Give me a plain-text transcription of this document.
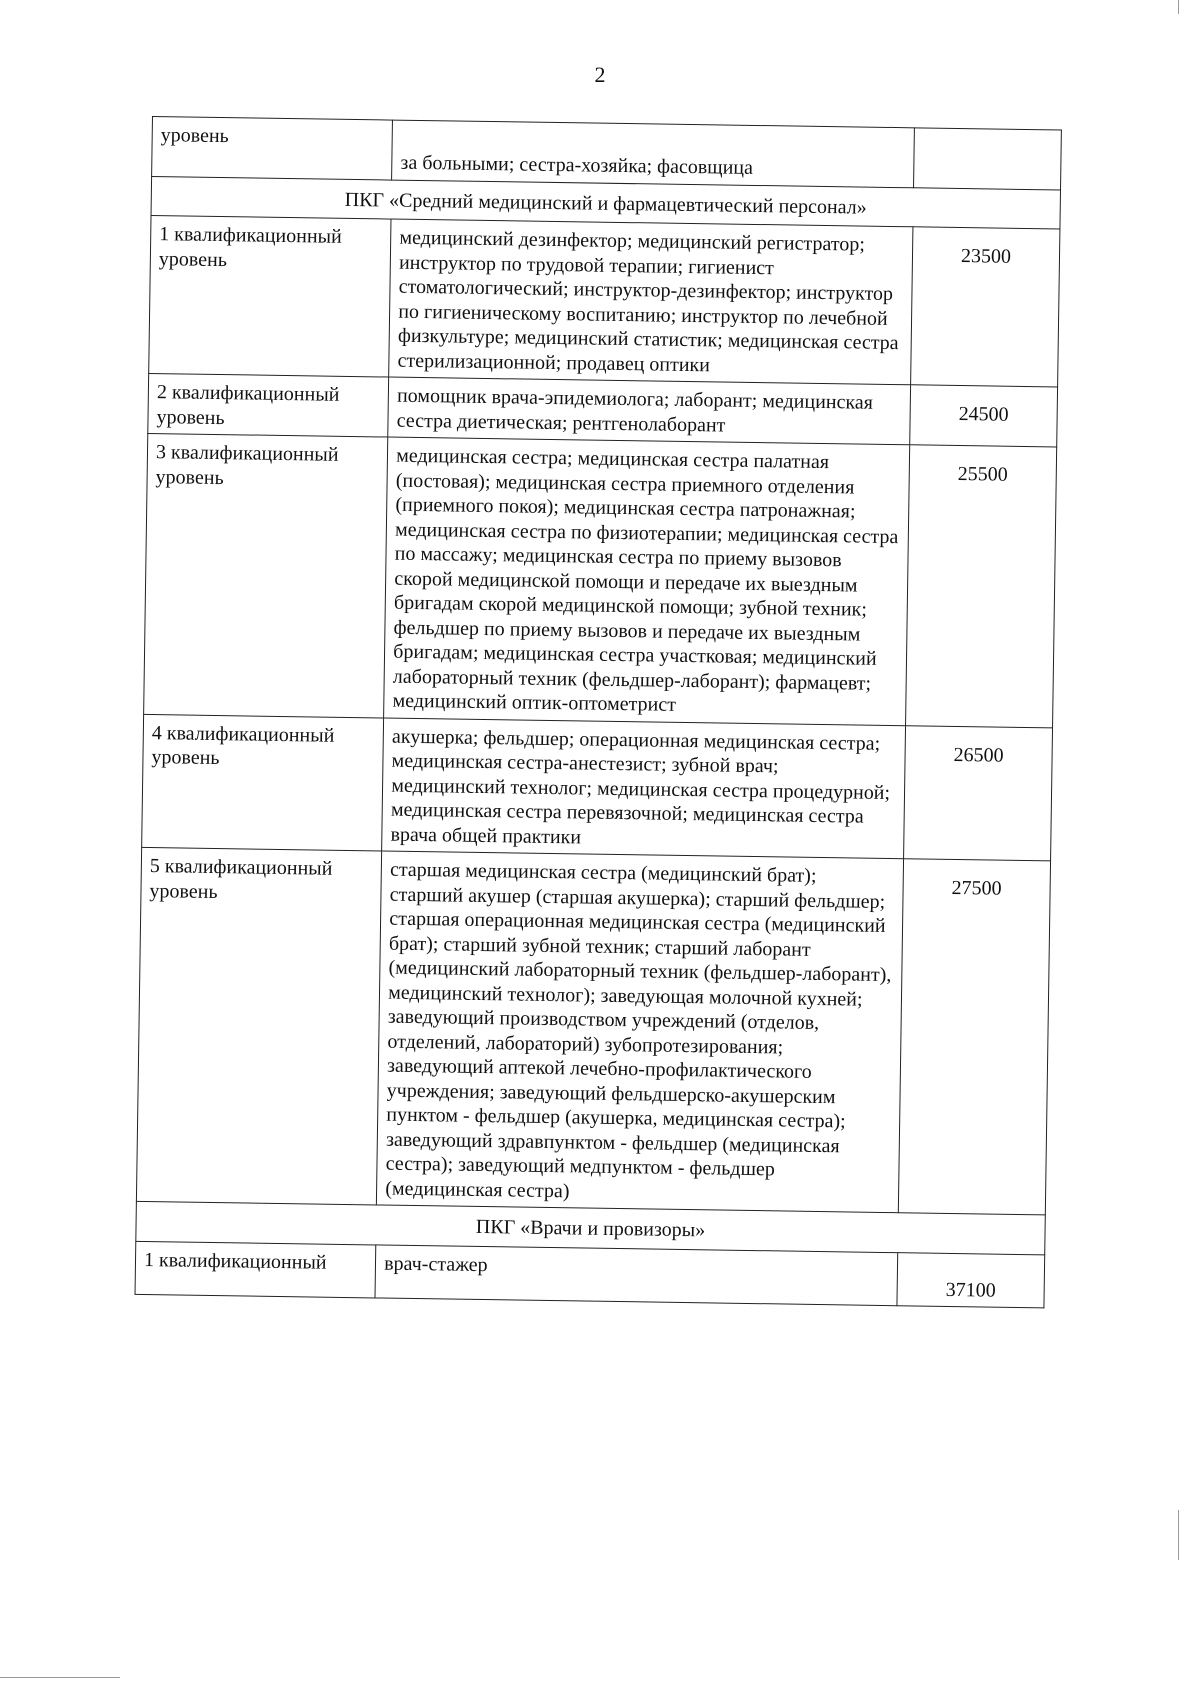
2
уровень	за больными; сестра-хозяйка; фасовщица	
ПКГ «Средний медицинский и фармацевтический персонал»		
1 квалификационный уровень	медицинский дезинфектор; медицинский регистратор; инструктор по трудовой терапии; гигиенист стоматологический; инструктор-дезинфектор; инструктор по гигиеническому воспитанию; инструктор по лечебной физкультуре; медицинский статистик; медицинская сестра стерилизационной; продавец оптики	23500
2 квалификационный уровень	помощник врача-эпидемиолога; лаборант; медицинская сестра диетическая; рентгенолаборант	24500
3 квалификационный уровень	медицинская сестра; медицинская сестра палатная (постовая); медицинская сестра приемного отделения (приемного покоя); медицинская сестра патронажная; медицинская сестра по физиотерапии; медицинская сестра по массажу; медицинская сестра по приему вызовов скорой медицинской помощи и передаче их выездным бригадам скорой медицинской помощи; зубной техник; фельдшер по приему вызовов и передаче их выездным бригадам; медицинская сестра участковая; медицинский лабораторный техник (фельдшер-лаборант); фармацевт; медицинский оптик-оптометрист	25500
4 квалификационный уровень	акушерка; фельдшер; операционная медицинская сестра; медицинская сестра-анестезист; зубной врач; медицинский технолог; медицинская сестра процедурной; медицинская сестра перевязочной; медицинская сестра врача общей практики	26500
5 квалификационный уровень	старшая медицинская сестра (медицинский брат); старший акушер (старшая акушерка); старший фельдшер; старшая операционная медицинская сестра (медицинский брат); старший зубной техник; старший лаборант (медицинский лабораторный техник (фельдшер-лаборант), медицинский технолог); заведующая молочной кухней; заведующий производством учреждений (отделов, отделений, лабораторий) зубопротезирования; заведующий аптекой лечебно-профилактического учреждения; заведующий фельдшерско-акушерским пунктом - фельдшер (акушерка, медицинская сестра); заведующий здравпунктом - фельдшер (медицинская сестра); заведующий медпунктом - фельдшер (медицинская сестра)	27500
ПКГ «Врачи и провизоры»		
1 квалификационный	врач-стажер	37100
